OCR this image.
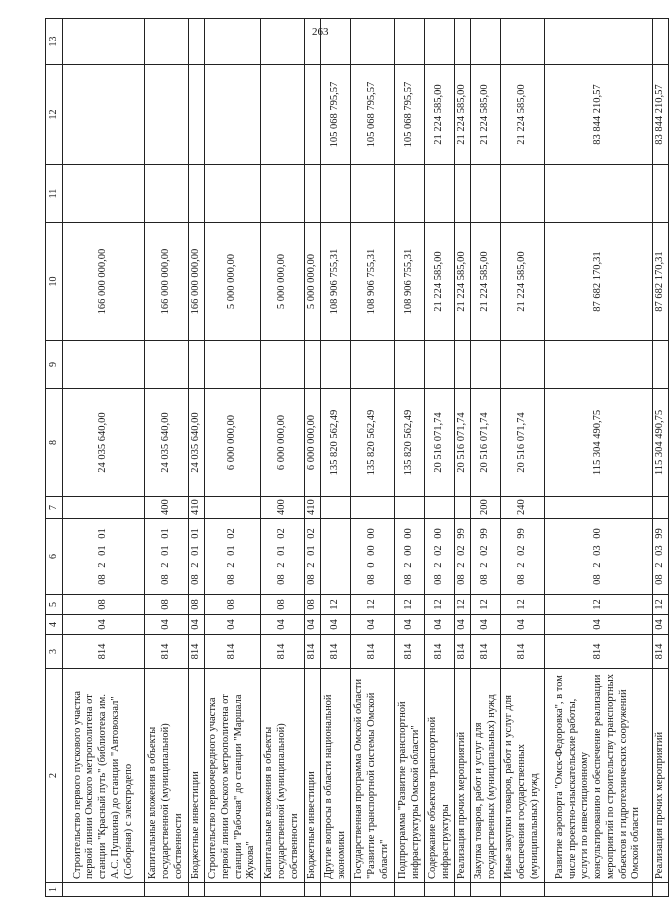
263
1	2	3	4	5	6	7	8	9	10	11	12	13
	Строительство первого пускового участка первой линии Омского метрополитена от станции "Красный путь" (библиотека им. А.С. Пушкина) до станции "Автовокзал" (Соборная) с электродепо	814	04	08	08 2 01 01		24 035 640,00		166 000 000,00			
	Капитальные вложения в объекты государственной (муниципальной) собственности	814	04	08	08 2 01 01	400	24 035 640,00		166 000 000,00			
	Бюджетные инвестиции	814	04	08	08 2 01 01	410	24 035 640,00		166 000 000,00			
	Строительство первоочередного участка первой линии Омского метрополитена от станции "Рабочая" до станции "Маршала Жукова"	814	04	08	08 2 01 02		6 000 000,00		5 000 000,00			
	Капитальные вложения в объекты государственной (муниципальной) собственности	814	04	08	08 2 01 02	400	6 000 000,00		5 000 000,00			
	Бюджетные инвестиции	814	04	08	08 2 01 02	410	6 000 000,00		5 000 000,00			
	Другие вопросы в области национальной экономики	814	04	12			135 820 562,49		108 906 755,31		105 068 795,57	
	Государственная программа Омской области "Развитие транспортной системы Омской области"	814	04	12	08 0 00 00		135 820 562,49		108 906 755,31		105 068 795,57	
	Подпрограмма "Развитие транспортной инфраструктуры Омской области"	814	04	12	08 2 00 00		135 820 562,49		108 906 755,31		105 068 795,57	
	Содержание объектов транспортной инфраструктуры	814	04	12	08 2 02 00		20 516 071,74		21 224 585,00		21 224 585,00	
	Реализация прочих мероприятий	814	04	12	08 2 02 99		20 516 071,74		21 224 585,00		21 224 585,00	
	Закупка товаров, работ и услуг для государственных (муниципальных) нужд	814	04	12	08 2 02 99	200	20 516 071,74		21 224 585,00		21 224 585,00	
	Иные закупки товаров, работ и услуг для обеспечения государственных (муниципальных) нужд	814	04	12	08 2 02 99	240	20 516 071,74		21 224 585,00		21 224 585,00	
	Развитие аэропорта "Омск-Федоровка", в том числе проектно-изыскательские работы, услуги по инвестиционному консультированию и обеспечение реализации мероприятий по строительству транспортных объектов и гидротехнических сооружений Омской области	814	04	12	08 2 03 00		115 304 490,75		87 682 170,31		83 844 210,57	
	Реализация прочих мероприятий	814	04	12	08 2 03 99		115 304 490,75		87 682 170,31		83 844 210,57	
